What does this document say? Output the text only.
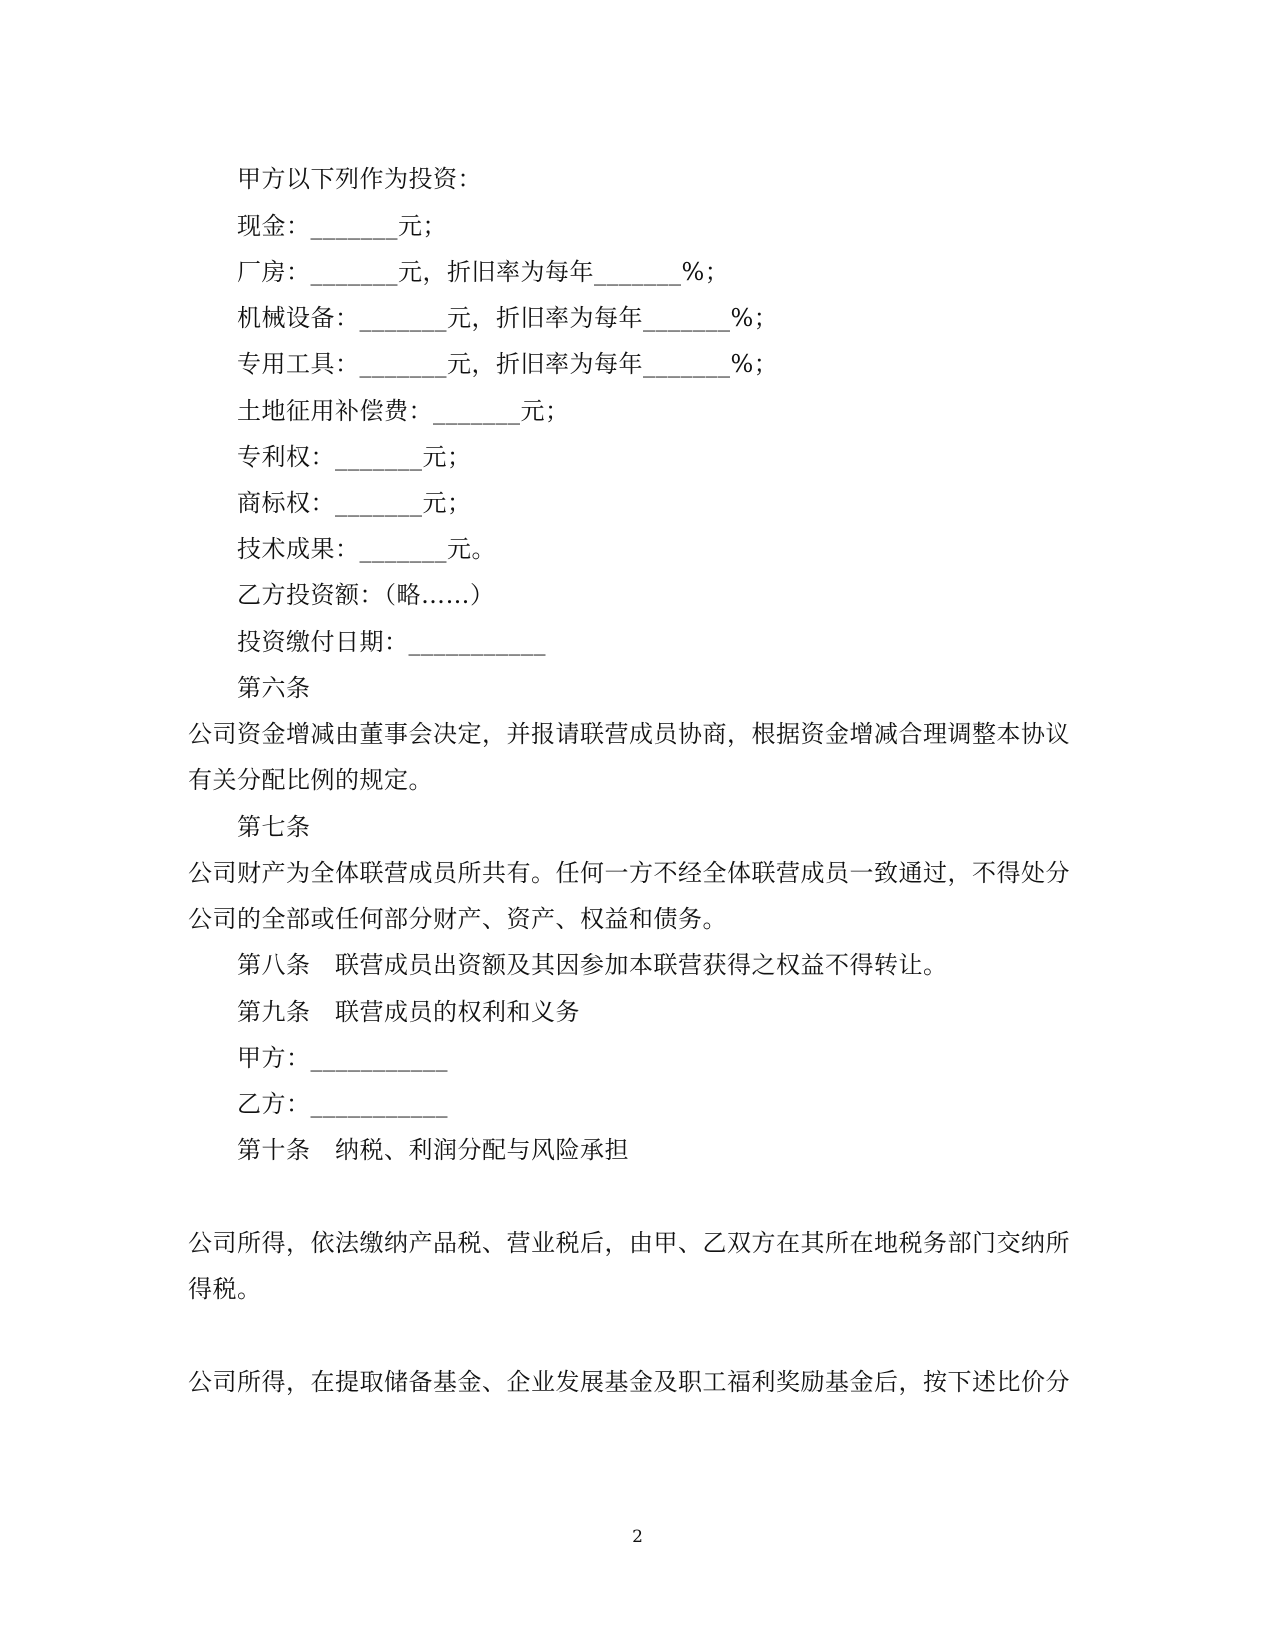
甲方以下列作为投资：
现金：_______元；
厂房：_______元，折旧率为每年_______%；
机械设备：_______元，折旧率为每年_______%；
专用工具：_______元，折旧率为每年_______%；
土地征用补偿费：_______元；
专利权：_______元；
商标权：_______元；
技术成果：_______元。
乙方投资额：（略……）
投资缴付日期：___________
第六条
公司资金增减由董事会决定，并报请联营成员协商，根据资金增减合理调整本协议
有关分配比例的规定。
第七条
公司财产为全体联营成员所共有。任何一方不经全体联营成员一致通过，不得处分
公司的全部或任何部分财产、资产、权益和债务。
第八条　联营成员出资额及其因参加本联营获得之权益不得转让。
第九条　联营成员的权利和义务
甲方：___________
乙方：___________
第十条　纳税、利润分配与风险承担
公司所得，依法缴纳产品税、营业税后，由甲、乙双方在其所在地税务部门交纳所
得税。
公司所得，在提取储备基金、企业发展基金及职工福利奖励基金后，按下述比价分
2
